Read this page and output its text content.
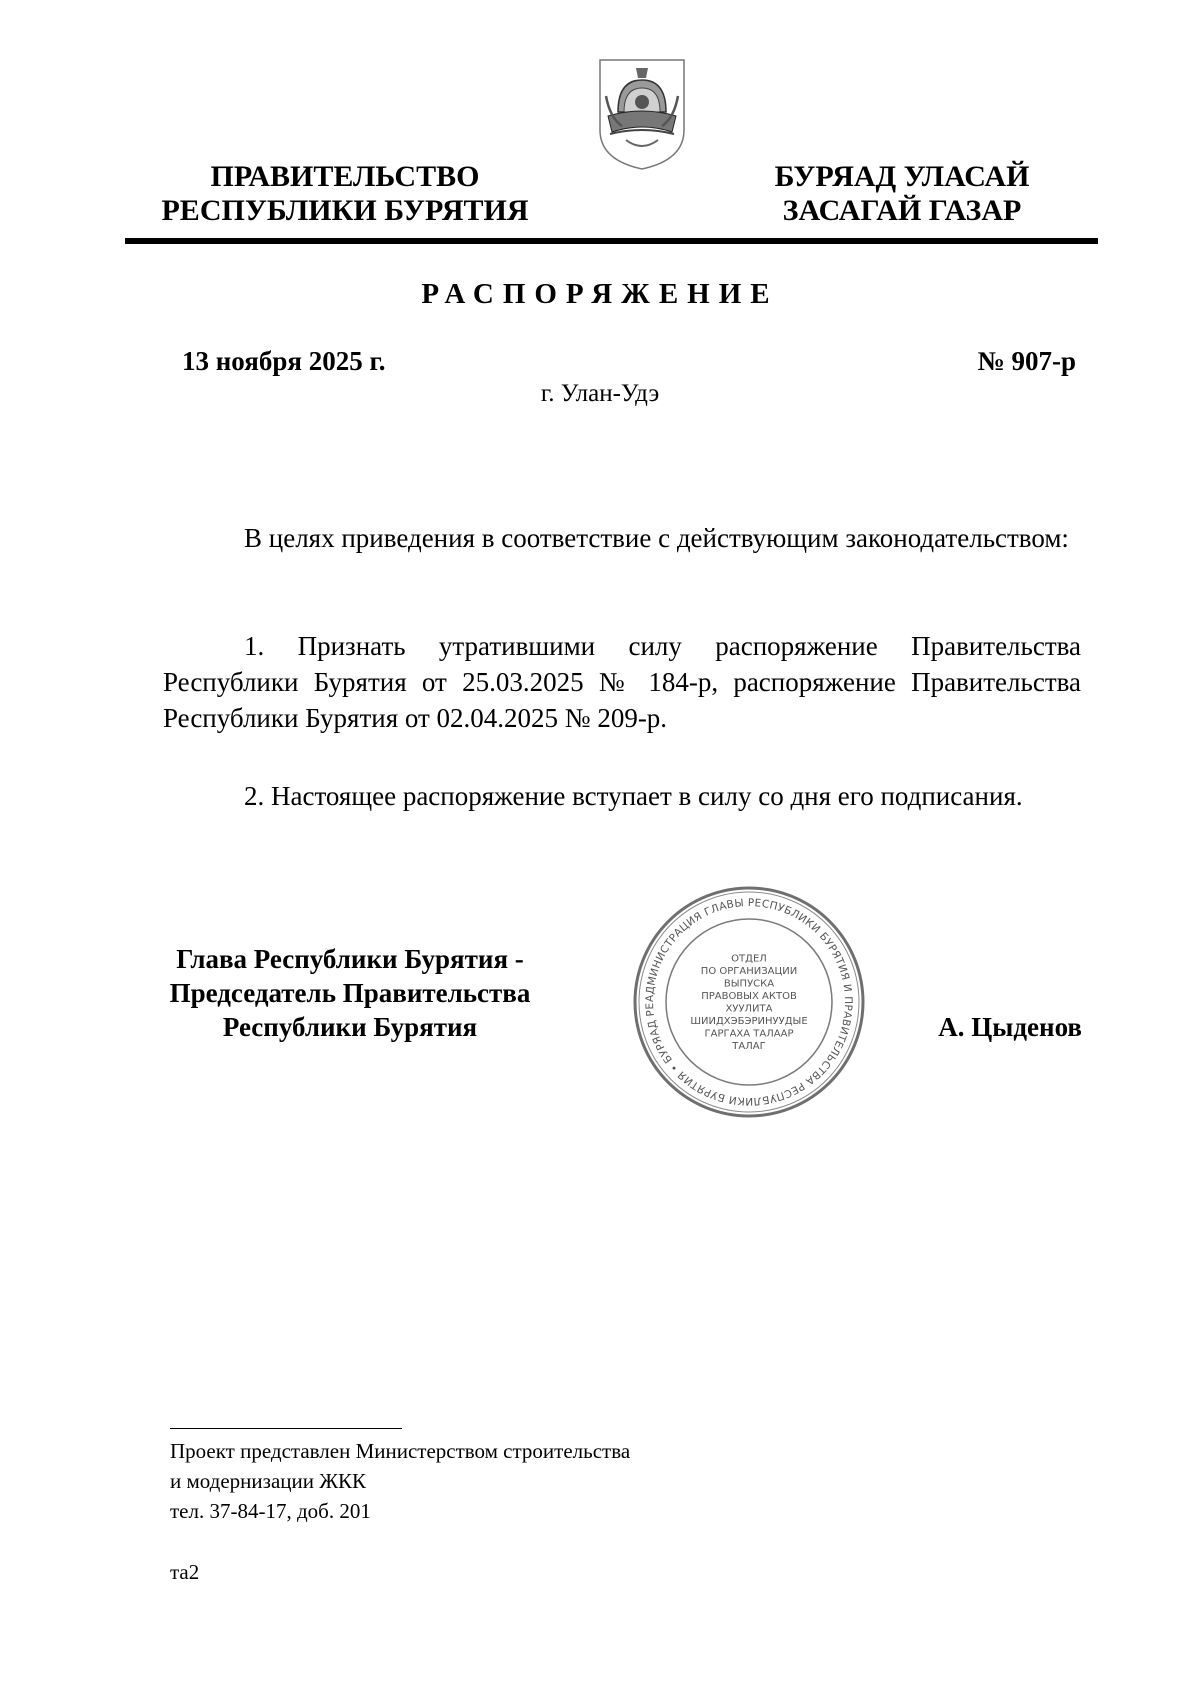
ПРАВИТЕЛЬСТВО
РЕСПУБЛИКИ БУРЯТИЯ
БУРЯАД УЛАСАЙ
ЗАСАГАЙ ГАЗАР
РАСПОРЯЖЕНИЕ
13 ноября 2025 г.	№ 907-р
г. Улан-Удэ
В целях приведения в соответствие с действующим законодательством:
1. Признать утратившими силу распоряжение Правительства Республики Бурятия от 25.03.2025 № 184-р, распоряжение Правительства Республики Бурятия от 02.04.2025 № 209-р.
2. Настоящее распоряжение вступает в силу со дня его подписания.
Глава Республики Бурятия -
Председатель Правительства
Республики Бурятия
АДМИНИСТРАЦИЯ ГЛАВЫ РЕСПУБЛИКИ БУРЯТИЯ И ПРАВИТЕЛЬСТВА РЕСПУБЛИКИ БУРЯТИЯ • БУРЯАД РЕ
ОТДЕЛ
ПО ОРГАНИЗАЦИИ
ВЫПУСКА
ПРАВОВЫХ АКТОВ
ХУУЛИТА
ШИИДХЭБЭРИНУУДЫЕ
ГАРГАХА ТАЛААР
ТАЛАГ
А. Цыденов
Проект представлен Министерством строительства
и модернизации ЖКК
тел. 37-84-17, доб. 201
та2
